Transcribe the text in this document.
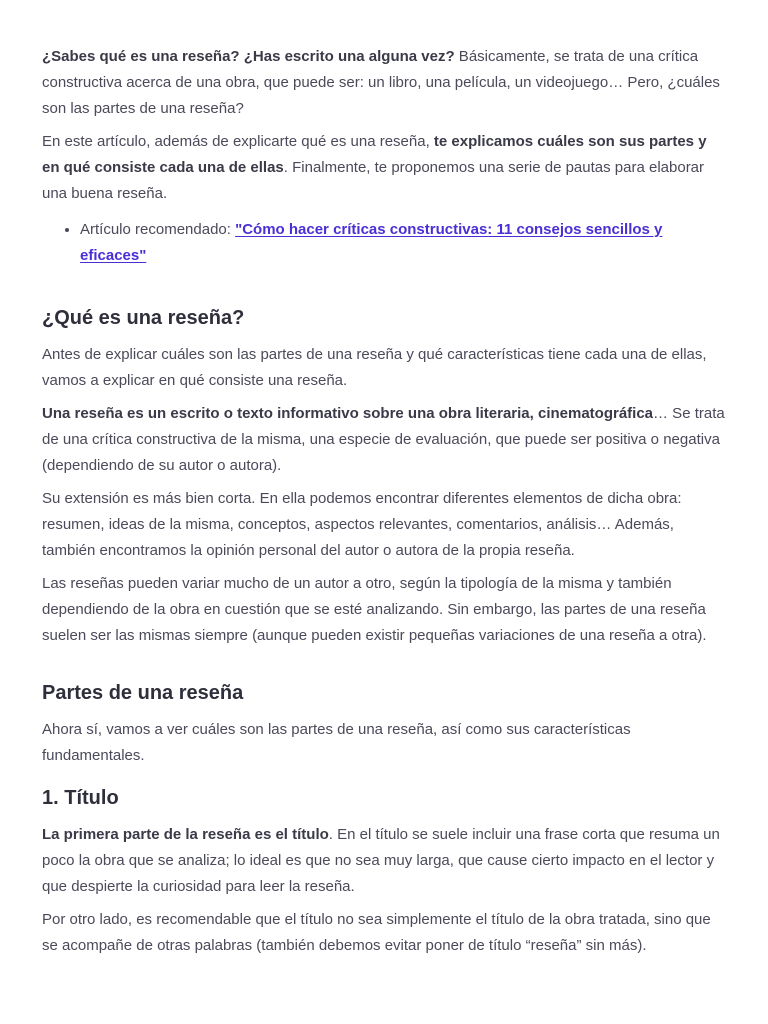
¿Sabes qué es una reseña? ¿Has escrito una alguna vez? Básicamente, se trata de una crítica constructiva acerca de una obra, que puede ser: un libro, una película, un videojuego… Pero, ¿cuáles son las partes de una reseña?

En este artículo, además de explicarte qué es una reseña, te explicamos cuáles son sus partes y en qué consiste cada una de ellas. Finalmente, te proponemos una serie de pautas para elaborar una buena reseña.

• Artículo recomendado: "Cómo hacer críticas constructivas: 11 consejos sencillos y eficaces"
¿Qué es una reseña?

Antes de explicar cuáles son las partes de una reseña y qué características tiene cada una de ellas, vamos a explicar en qué consiste una reseña.

Una reseña es un escrito o texto informativo sobre una obra literaria, cinematográfica… Se trata de una crítica constructiva de la misma, una especie de evaluación, que puede ser positiva o negativa (dependiendo de su autor o autora).

Su extensión es más bien corta. En ella podemos encontrar diferentes elementos de dicha obra: resumen, ideas de la misma, conceptos, aspectos relevantes, comentarios, análisis… Además, también encontramos la opinión personal del autor o autora de la propia reseña.

Las reseñas pueden variar mucho de un autor a otro, según la tipología de la misma y también dependiendo de la obra en cuestión que se esté analizando. Sin embargo, las partes de una reseña suelen ser las mismas siempre (aunque pueden existir pequeñas variaciones de una reseña a otra).

Partes de una reseña

Ahora sí, vamos a ver cuáles son las partes de una reseña, así como sus características fundamentales.

1. Título

La primera parte de la reseña es el título. En el título se suele incluir una frase corta que resuma un poco la obra que se analiza; lo ideal es que no sea muy larga, que cause cierto impacto en el lector y que despierte la curiosidad para leer la reseña.

Por otro lado, es recomendable que el título no sea simplemente el título de la obra tratada, sino que se acompañe de otras palabras (también debemos evitar poner de título “reseña” sin más).
